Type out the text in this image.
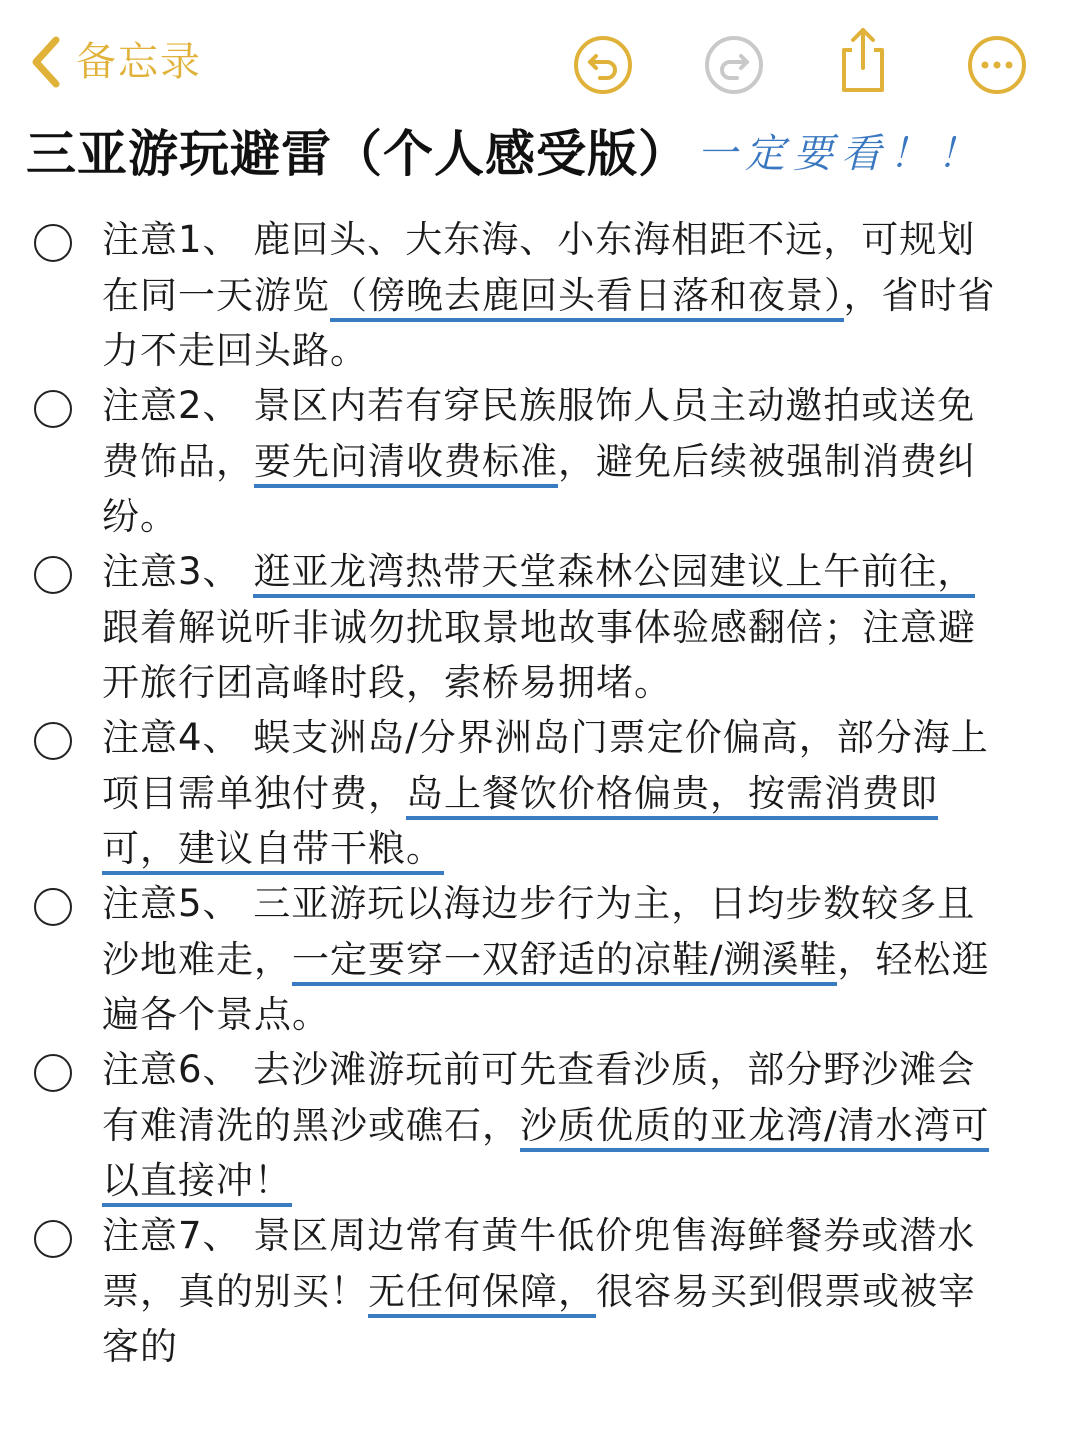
备忘录
三亚游玩避雷（个人感受版） 一定要看！！
注意1、 鹿回头、大东海、小东海相距不远，可规划在同一天游览（傍晚去鹿回头看日落和夜景），省时省力不走回头路。
注意2、 景区内若有穿民族服饰人员主动邀拍或送免费饰品，要先问清收费标准，避免后续被强制消费纠纷。
注意3、 逛亚龙湾热带天堂森林公园建议上午前往，跟着解说听非诚勿扰取景地故事体验感翻倍；注意避开旅行团高峰时段，索桥易拥堵。
注意4、 蜈支洲岛/分界洲岛门票定价偏高，部分海上项目需单独付费，岛上餐饮价格偏贵，按需消费即可，建议自带干粮。
注意5、 三亚游玩以海边步行为主，日均步数较多且沙地难走，一定要穿一双舒适的凉鞋/溯溪鞋，轻松逛遍各个景点。
注意6、 去沙滩游玩前可先查看沙质，部分野沙滩会有难清洗的黑沙或礁石，沙质优质的亚龙湾/清水湾可以直接冲！
注意7、 景区周边常有黄牛低价兜售海鲜餐券或潜水票，真的别买！无任何保障，很容易买到假票或被宰客的
